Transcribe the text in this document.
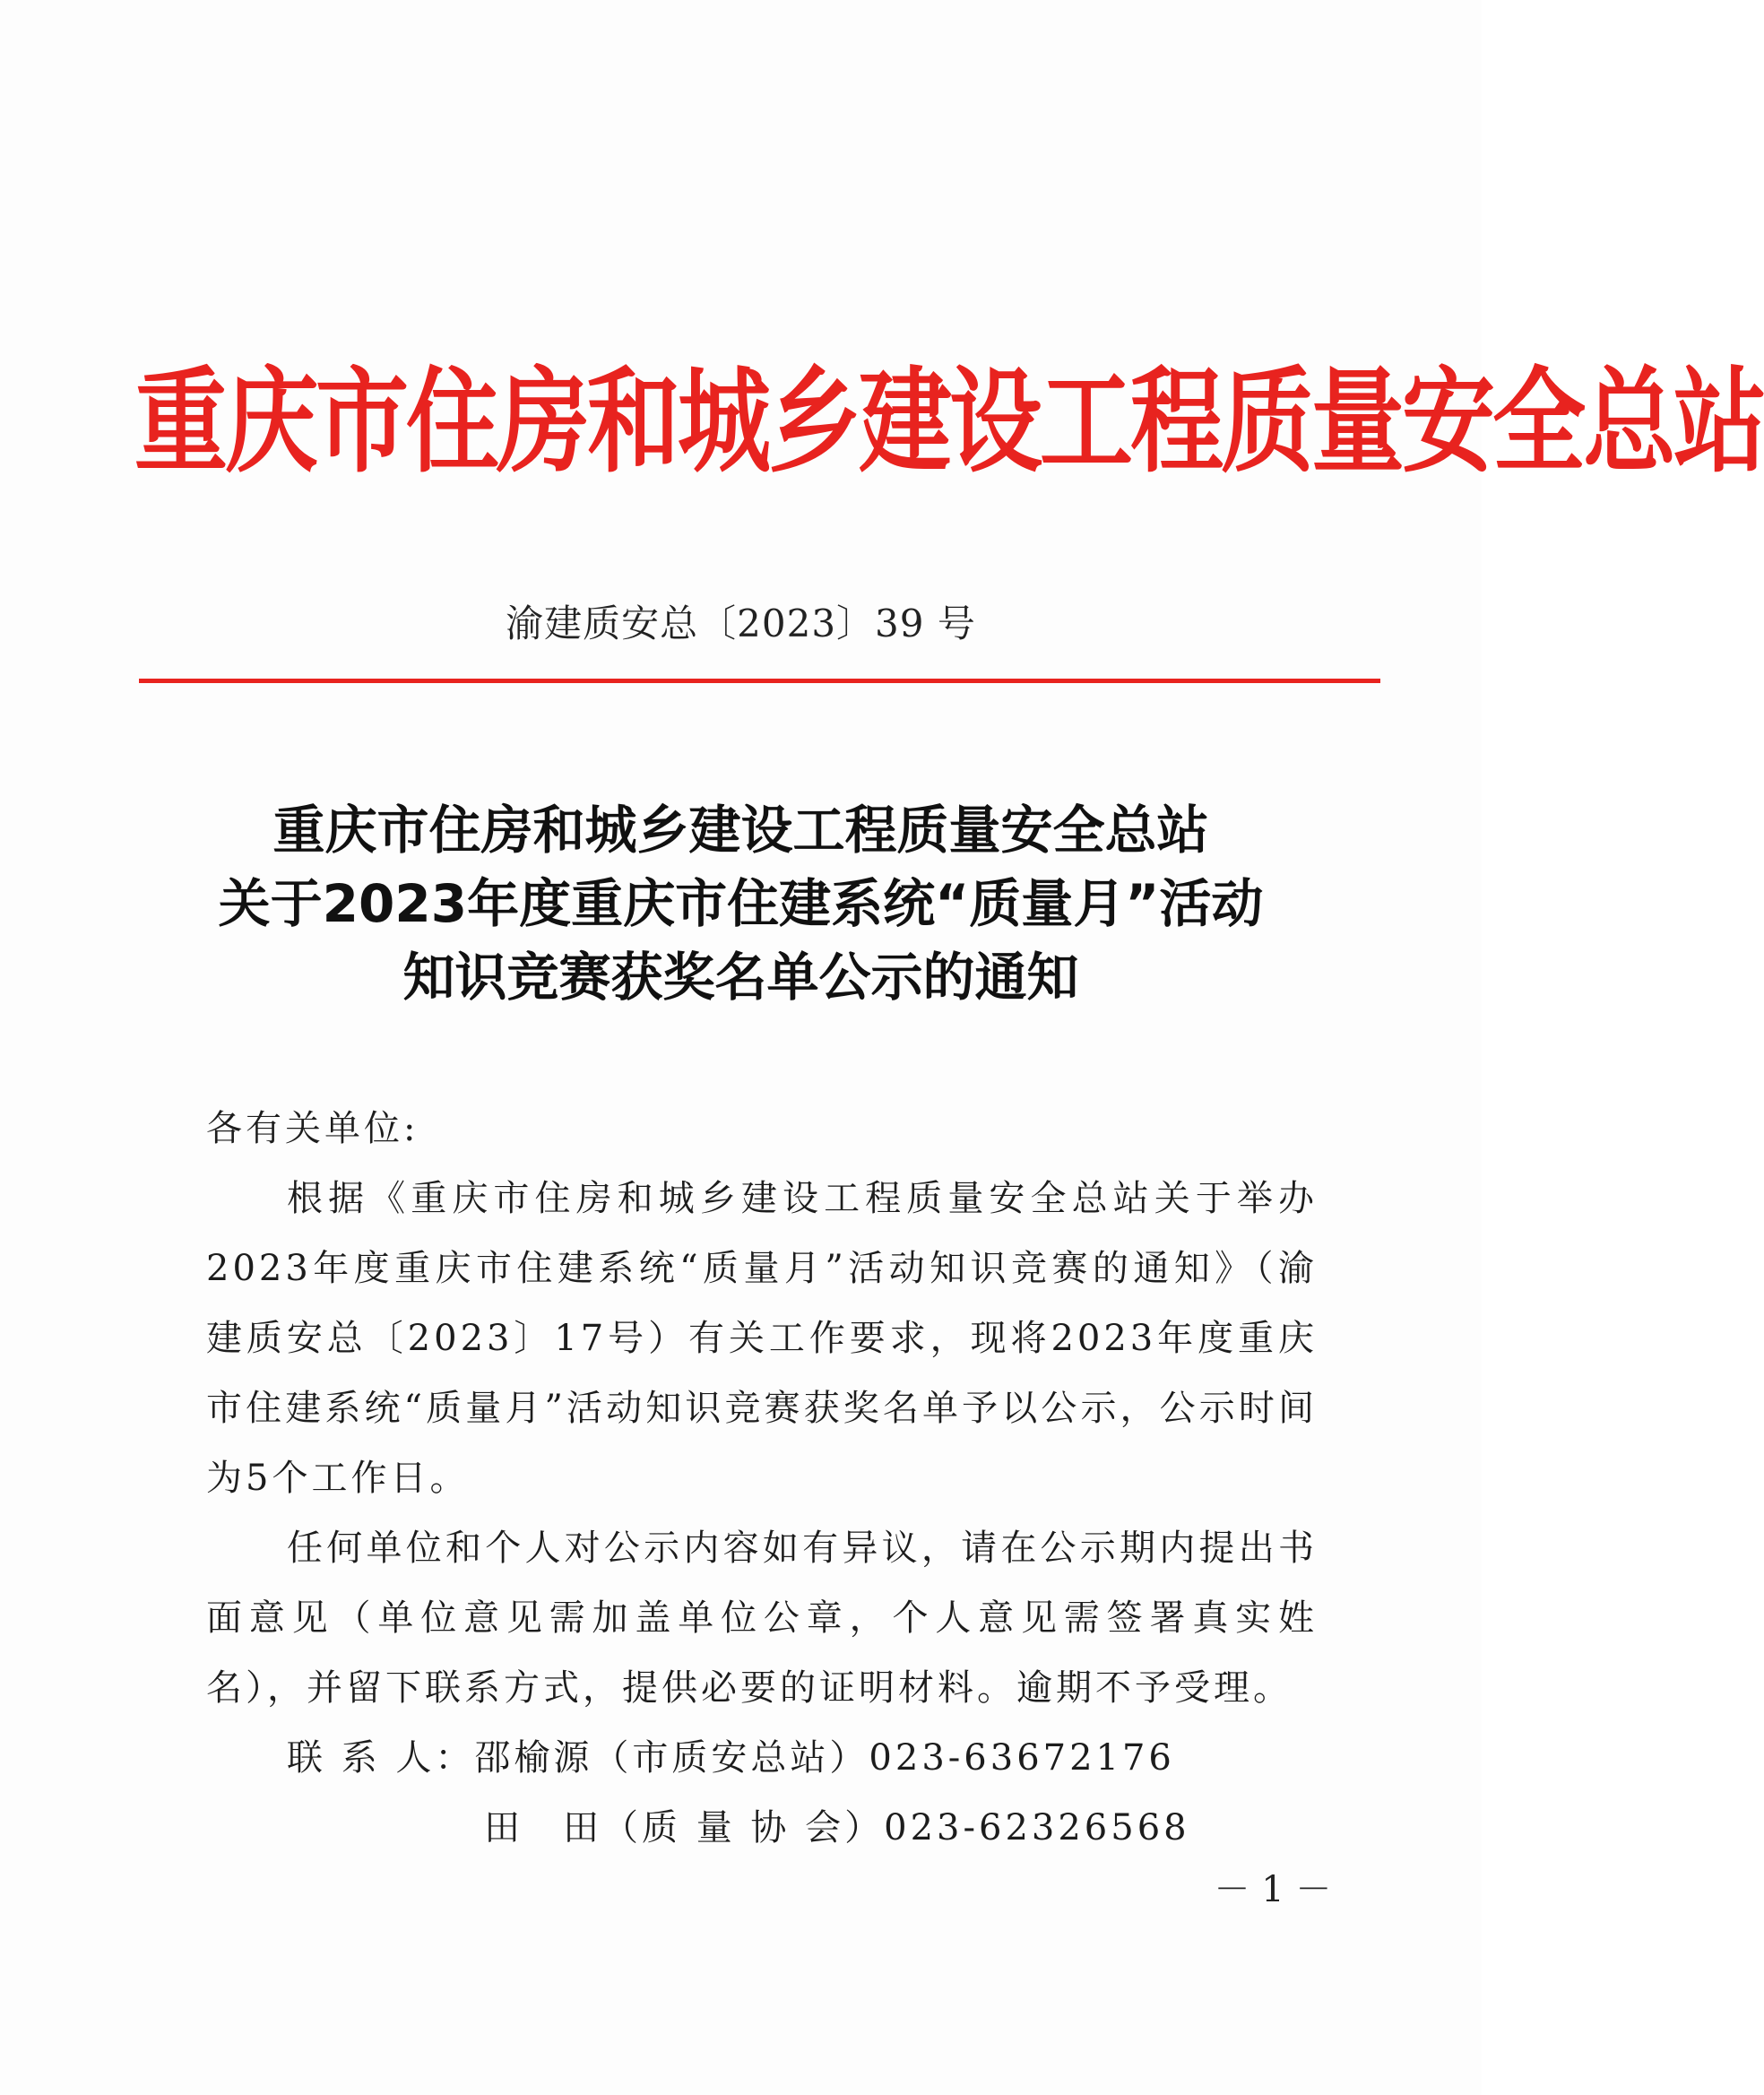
重庆市住房和城乡建设工程质量安全总站
渝建质安总〔2023〕39 号
重庆市住房和城乡建设工程质量安全总站
关于2023年度重庆市住建系统“质量月”活动
知识竞赛获奖名单公示的通知
各有关单位:
根据《重庆市住房和城乡建设工程质量安全总站关于举办2023年度重庆市住建系统“质量月”活动知识竞赛的通知》（渝建质安总〔2023〕17号）有关工作要求，现将2023年度重庆市住建系统“质量月”活动知识竞赛获奖名单予以公示，公示时间为5个工作日。
任何单位和个人对公示内容如有异议，请在公示期内提出书面意见（单位意见需加盖单位公章，个人意见需签署真实姓名），并留下联系方式，提供必要的证明材料。逾期不予受理。
联 系 人：邵榆源（市质安总站）023-63672176
田　田（质 量 协 会）023-62326568
－ 1 －
